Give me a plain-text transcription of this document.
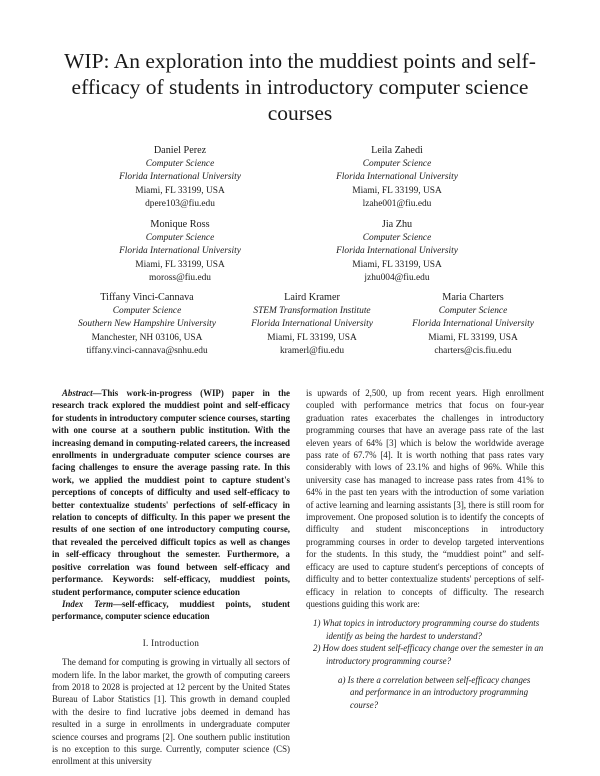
WIP: An exploration into the muddiest points and self-efficacy of students in introductory computer science courses
Daniel Perez
Computer Science
Florida International University
Miami, FL 33199, USA
dpere103@fiu.edu
Leila Zahedi
Computer Science
Florida International University
Miami, FL 33199, USA
lzahe001@fiu.edu
Monique Ross
Computer Science
Florida International University
Miami, FL 33199, USA
moross@fiu.edu
Jia Zhu
Computer Science
Florida International University
Miami, FL 33199, USA
jzhu004@fiu.edu
Tiffany Vinci-Cannava
Computer Science
Southern New Hampshire University
Manchester, NH 03106, USA
tiffany.vinci-cannava@snhu.edu
Laird Kramer
STEM Transformation Institute
Florida International University
Miami, FL 33199, USA
kramerl@fiu.edu
Maria Charters
Computer Science
Florida International University
Miami, FL 33199, USA
charters@cis.fiu.edu

Abstract—This work-in-progress (WIP) paper in the research track explored the muddiest point and self-efficacy for students in introductory computer science courses, starting with one course at a southern public institution. With the increasing demand in computing-related careers, the increased enrollments in undergraduate computer science courses are facing challenges to ensure the average passing rate. In this work, we applied the muddiest point to capture student's perceptions of concepts of difficulty and used self-efficacy to better contextualize students' perfections of self-efficacy in relation to concepts of difficulty. In this paper we present the results of one section of one introductory computing course, that revealed the perceived difficult topics as well as changes in self-efficacy throughout the semester. Furthermore, a positive correlation was found between self-efficacy and performance. Keywords: self-efficacy, muddiest points, student performance, computer science education

Index Term—self-efficacy, muddiest points, student performance, computer science education

I. Introduction

The demand for computing is growing in virtually all sectors of modern life. In the labor market, the growth of computing careers from 2018 to 2028 is projected at 12 percent by the United States Bureau of Labor Statistics [1]. This growth in demand coupled with the desire to find lucrative jobs deemed in demand has resulted in a surge in enrollments in undergraduate computer science courses and programs [2]. One southern public institution is no exception to this surge. Currently, computer science (CS) enrollment at this university

is upwards of 2,500, up from recent years. High enrollment coupled with performance metrics that focus on four-year graduation rates exacerbates the challenges in introductory programming courses that have an average pass rate of the last eleven years of 64% [3] which is below the worldwide average pass rate of 67.7% [4]. It is worth nothing that pass rates vary considerably with lows of 23.1% and highs of 96%. While this university case has managed to increase pass rates from 41% to 64% in the past ten years with the introduction of some variation of active learning and learning assistants [3], there is still room for improvement. One proposed solution is to identify the concepts of difficulty and student misconceptions in introductory programming courses in order to develop targeted interventions for the students. In this study, the “muddiest point” and self-efficacy are used to capture student's perceptions of concepts of difficulty and to better contextualize students' perceptions of self-efficacy in relation to concepts of difficulty. The research questions guiding this work are:

1) What topics in introductory programming course do students identify as being the hardest to understand?

2) How does student self-efficacy change over the semester in an introductory programming course?

a) Is there a correlation between self-efficacy changes and performance in an introductory programming course?
